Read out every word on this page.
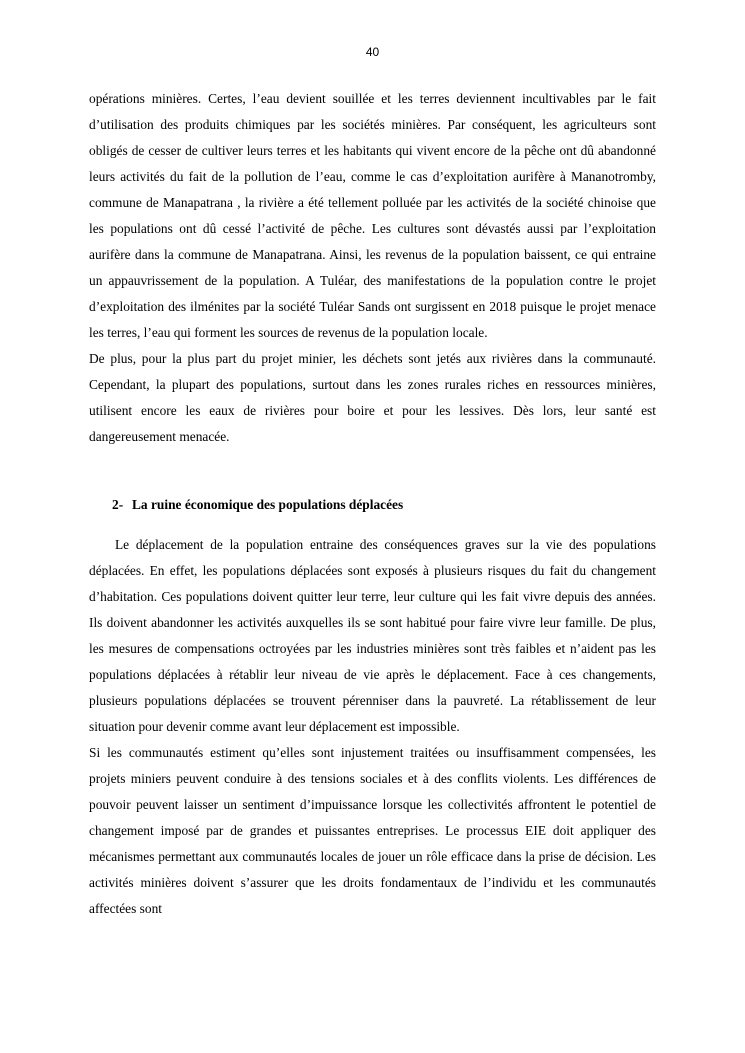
40

opérations minières. Certes, l’eau devient souillée et les terres deviennent incultivables par le fait d’utilisation des produits chimiques par les sociétés minières. Par conséquent, les agriculteurs sont obligés de cesser de cultiver leurs terres et les habitants qui vivent encore de la pêche ont dû abandonné leurs activités du fait de la pollution de l’eau, comme le cas d’exploitation aurifère à Mananotromby, commune de Manapatrana , la rivière a été tellement polluée par les activités de la société chinoise que les populations ont dû cessé l’activité de pêche. Les cultures sont dévastés aussi par l’exploitation aurifère dans la commune de Manapatrana. Ainsi, les revenus de la population baissent, ce qui entraine un appauvrissement de la population. A Tuléar, des manifestations de la population contre le projet d’exploitation des ilménites par la société Tuléar Sands ont surgissent en 2018 puisque le projet menace les terres, l’eau qui forment les sources de revenus de la population locale.

De plus, pour la plus part du projet minier, les déchets sont jetés aux rivières dans la communauté. Cependant, la plupart des populations, surtout dans les zones rurales riches en ressources minières, utilisent encore les eaux de rivières pour boire et pour les lessives. Dès lors, leur santé est dangereusement menacée.

2- La ruine économique des populations déplacées

Le déplacement de la population entraine des conséquences graves sur la vie des populations déplacées. En effet, les populations déplacées sont exposés à plusieurs risques du fait du changement d’habitation. Ces populations doivent quitter leur terre, leur culture qui les fait vivre depuis des années. Ils doivent abandonner les activités auxquelles ils se sont habitué pour faire vivre leur famille. De plus, les mesures de compensations octroyées par les industries minières sont très faibles et n’aident pas les populations déplacées à rétablir leur niveau de vie après le déplacement. Face à ces changements, plusieurs populations déplacées se trouvent pérenniser dans la pauvreté. La rétablissement de leur situation pour devenir comme avant leur déplacement est impossible.

Si les communautés estiment qu’elles sont injustement traitées ou insuffisamment compensées, les projets miniers peuvent conduire à des tensions sociales et à des conflits violents. Les différences de pouvoir peuvent laisser un sentiment d’impuissance lorsque les collectivités affrontent le potentiel de changement imposé par de grandes et puissantes entreprises. Le processus EIE doit appliquer des mécanismes permettant aux communautés locales de jouer un rôle efficace dans la prise de décision. Les activités minières doivent s’assurer que les droits fondamentaux de l’individu et les communautés affectées sont
